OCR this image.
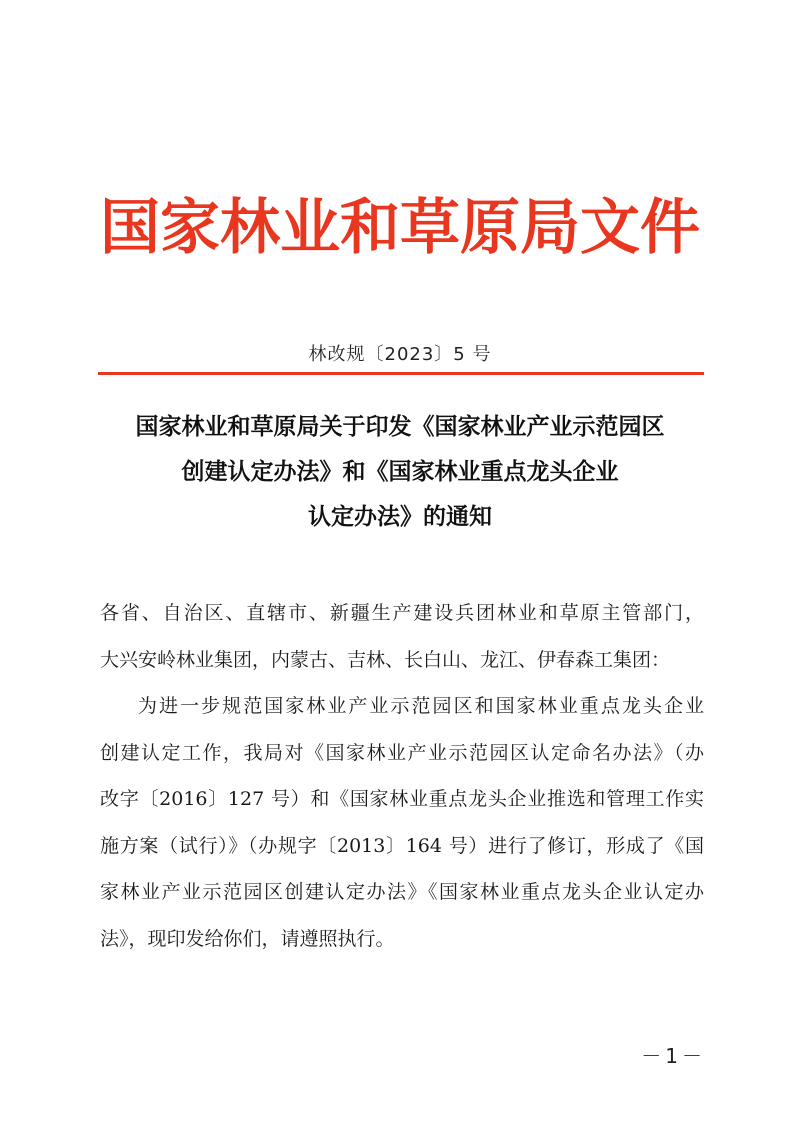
国家林业和草原局文件
林改规〔2023〕5 号
国家林业和草原局关于印发《国家林业产业示范园区
创建认定办法》和《国家林业重点龙头企业
认定办法》的通知
各省、自治区、直辖市、新疆生产建设兵团林业和草原主管部门，
大兴安岭林业集团，内蒙古、吉林、长白山、龙江、伊春森工集团：
为进一步规范国家林业产业示范园区和国家林业重点龙头企业
创建认定工作，我局对《国家林业产业示范园区认定命名办法》（办
改字〔2016〕127 号）和《国家林业重点龙头企业推选和管理工作实
施方案（试行）》（办规字〔2013〕164 号）进行了修订，形成了《国
家林业产业示范园区创建认定办法》《国家林业重点龙头企业认定办
法》，现印发给你们，请遵照执行。
－1－
